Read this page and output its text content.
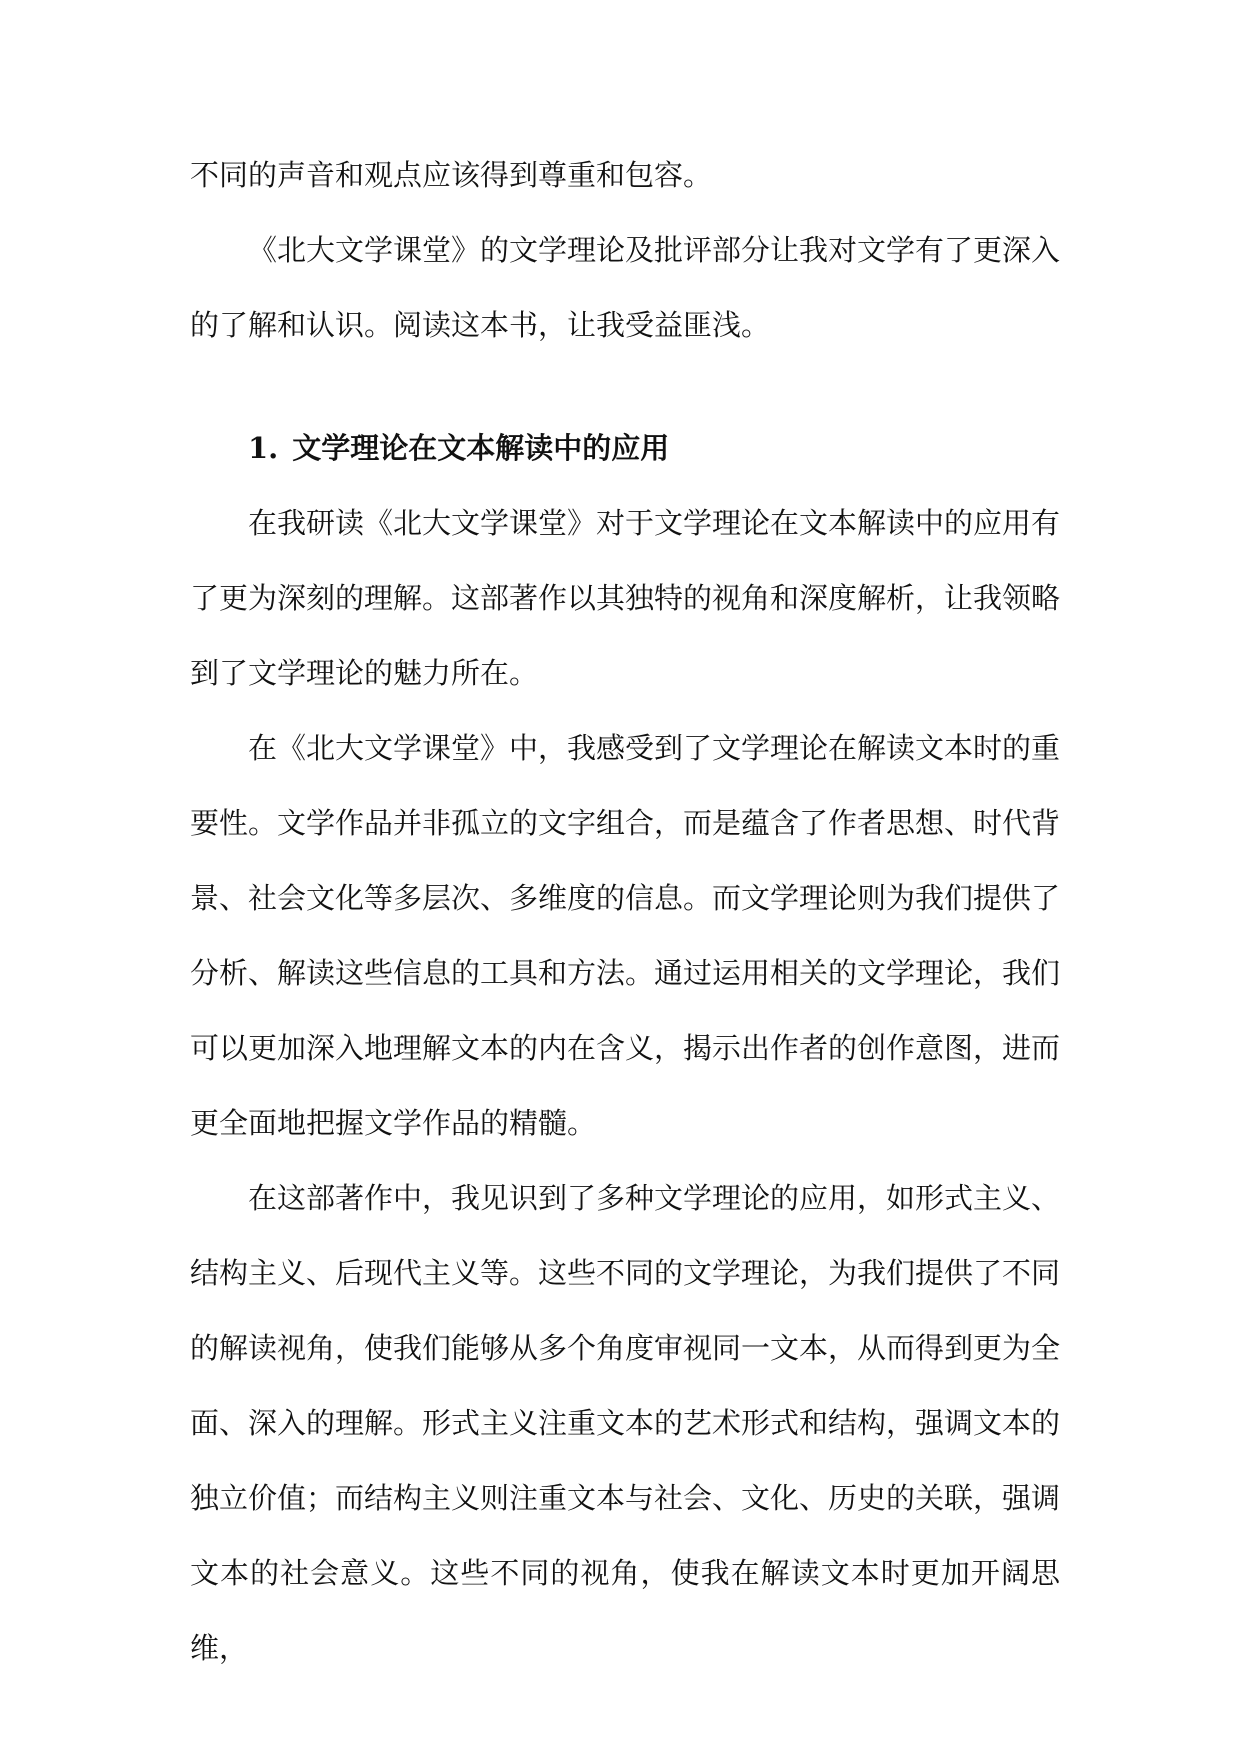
不同的声音和观点应该得到尊重和包容。

《北大文学课堂》的文学理论及批评部分让我对文学有了更深入的了解和认识。阅读这本书，让我受益匪浅。

1. 文学理论在文本解读中的应用

在我研读《北大文学课堂》对于文学理论在文本解读中的应用有了更为深刻的理解。这部著作以其独特的视角和深度解析，让我领略到了文学理论的魅力所在。

在《北大文学课堂》中，我感受到了文学理论在解读文本时的重要性。文学作品并非孤立的文字组合，而是蕴含了作者思想、时代背景、社会文化等多层次、多维度的信息。而文学理论则为我们提供了分析、解读这些信息的工具和方法。通过运用相关的文学理论，我们可以更加深入地理解文本的内在含义，揭示出作者的创作意图，进而更全面地把握文学作品的精髓。

在这部著作中，我见识到了多种文学理论的应用，如形式主义、结构主义、后现代主义等。这些不同的文学理论，为我们提供了不同的解读视角，使我们能够从多个角度审视同一文本，从而得到更为全面、深入的理解。形式主义注重文本的艺术形式和结构，强调文本的独立价值；而结构主义则注重文本与社会、文化、历史的关联，强调文本的社会意义。这些不同的视角，使我在解读文本时更加开阔思维，
